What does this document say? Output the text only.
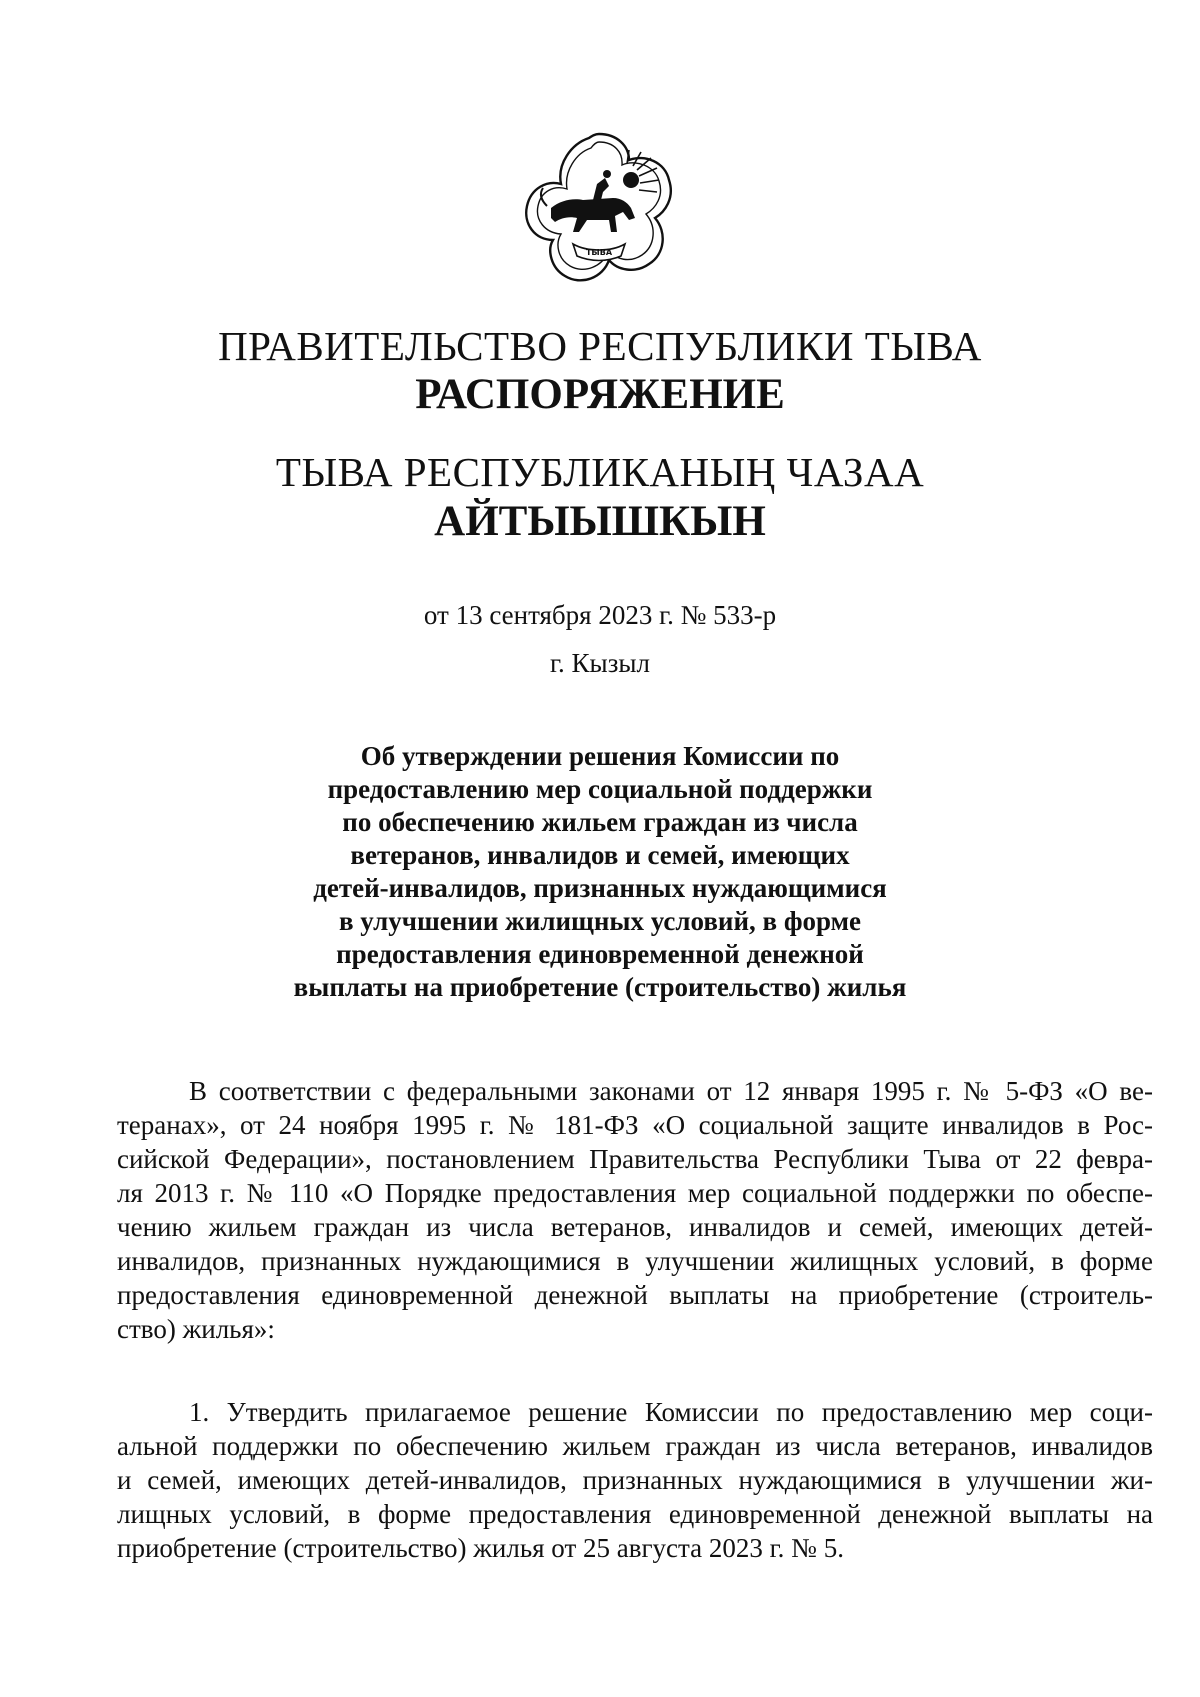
ТЫВА
ПРАВИТЕЛЬСТВО РЕСПУБЛИКИ ТЫВА
РАСПОРЯЖЕНИЕ
ТЫВА РЕСПУБЛИКАНЫҢ ЧАЗАА
АЙТЫЫШКЫН
от 13 сентября 2023 г. № 533-р
г. Кызыл
Об утверждении решения Комиссии по
предоставлению мер социальной поддержки
по обеспечению жильем граждан из числа
ветеранов, инвалидов и семей, имеющих
детей-инвалидов, признанных нуждающимися
в улучшении жилищных условий, в форме
предоставления единовременной денежной
выплаты на приобретение (строительство) жилья
В соответствии с федеральными законами от 12 января 1995 г. № 5-ФЗ «О ве-
теранах», от 24 ноября 1995 г. № 181-ФЗ «О социальной защите инвалидов в Рос-
сийской Федерации», постановлением Правительства Республики Тыва от 22 февра-
ля 2013 г. № 110 «О Порядке предоставления мер социальной поддержки по обеспе-
чению жильем граждан из числа ветеранов, инвалидов и семей, имеющих детей-
инвалидов, признанных нуждающимися в улучшении жилищных условий, в форме
предоставления единовременной денежной выплаты на приобретение (строитель-
ство) жилья»:
1. Утвердить прилагаемое решение Комиссии по предоставлению мер соци-
альной поддержки по обеспечению жильем граждан из числа ветеранов, инвалидов
и семей, имеющих детей-инвалидов, признанных нуждающимися в улучшении жи-
лищных условий, в форме предоставления единовременной денежной выплаты на
приобретение (строительство) жилья от 25 августа 2023 г. № 5.
